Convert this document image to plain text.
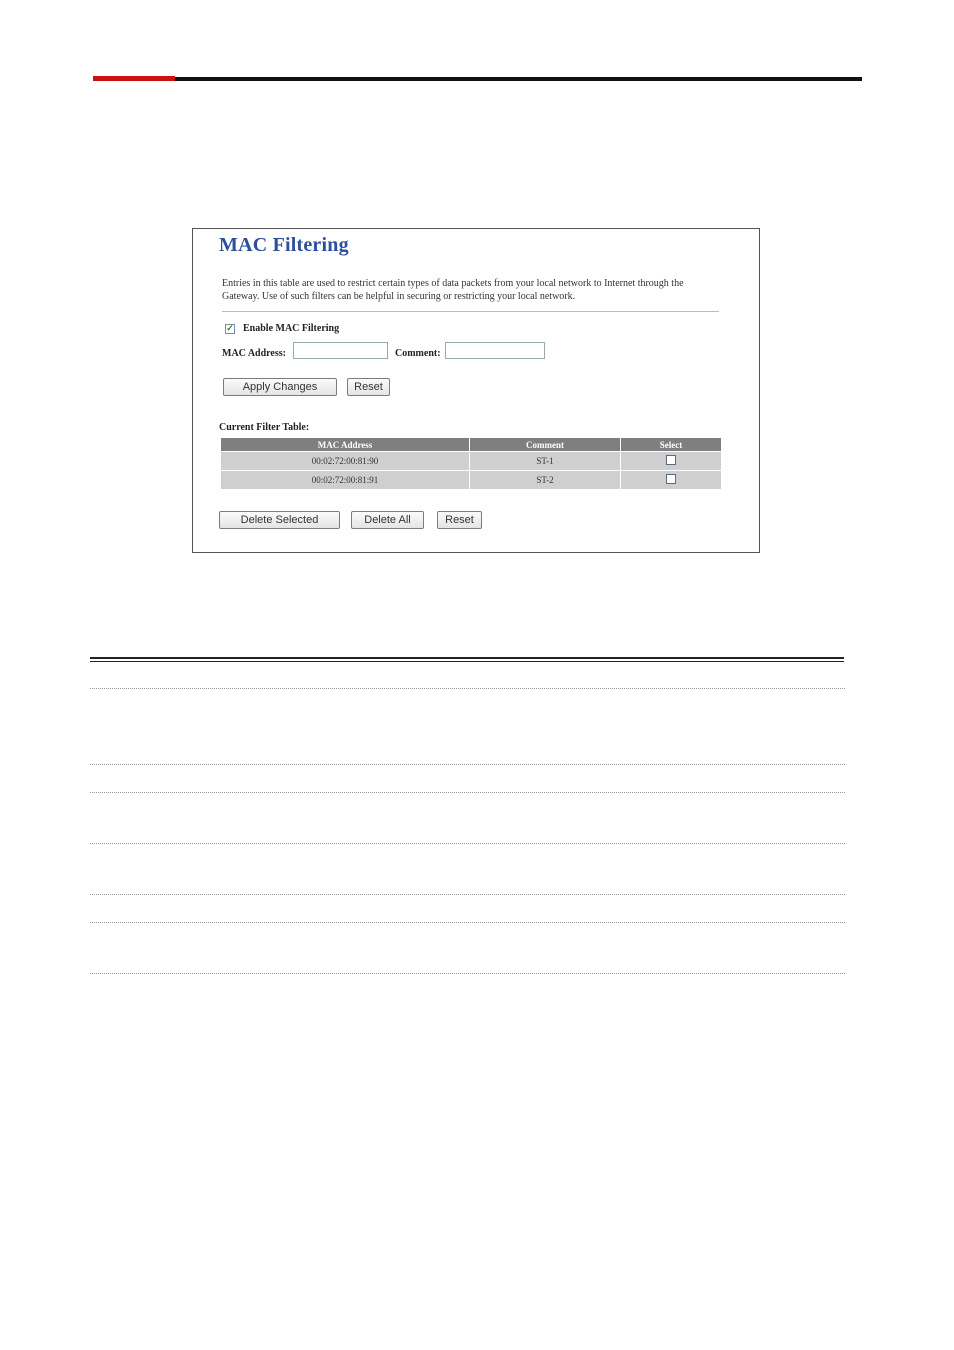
MAC Filtering
Entries in this table are used to restrict certain types of data packets from your local network to Internet through the Gateway. Use of such filters can be helpful in securing or restricting your local network.
✓ Enable MAC Filtering
MAC Address:	Comment:
Apply Changes	Reset
Current Filter Table:
MAC Address	Comment	Select
00:02:72:00:81:90	ST-1	
00:02:72:00:81:91	ST-2	
Delete Selected	Delete All	Reset
